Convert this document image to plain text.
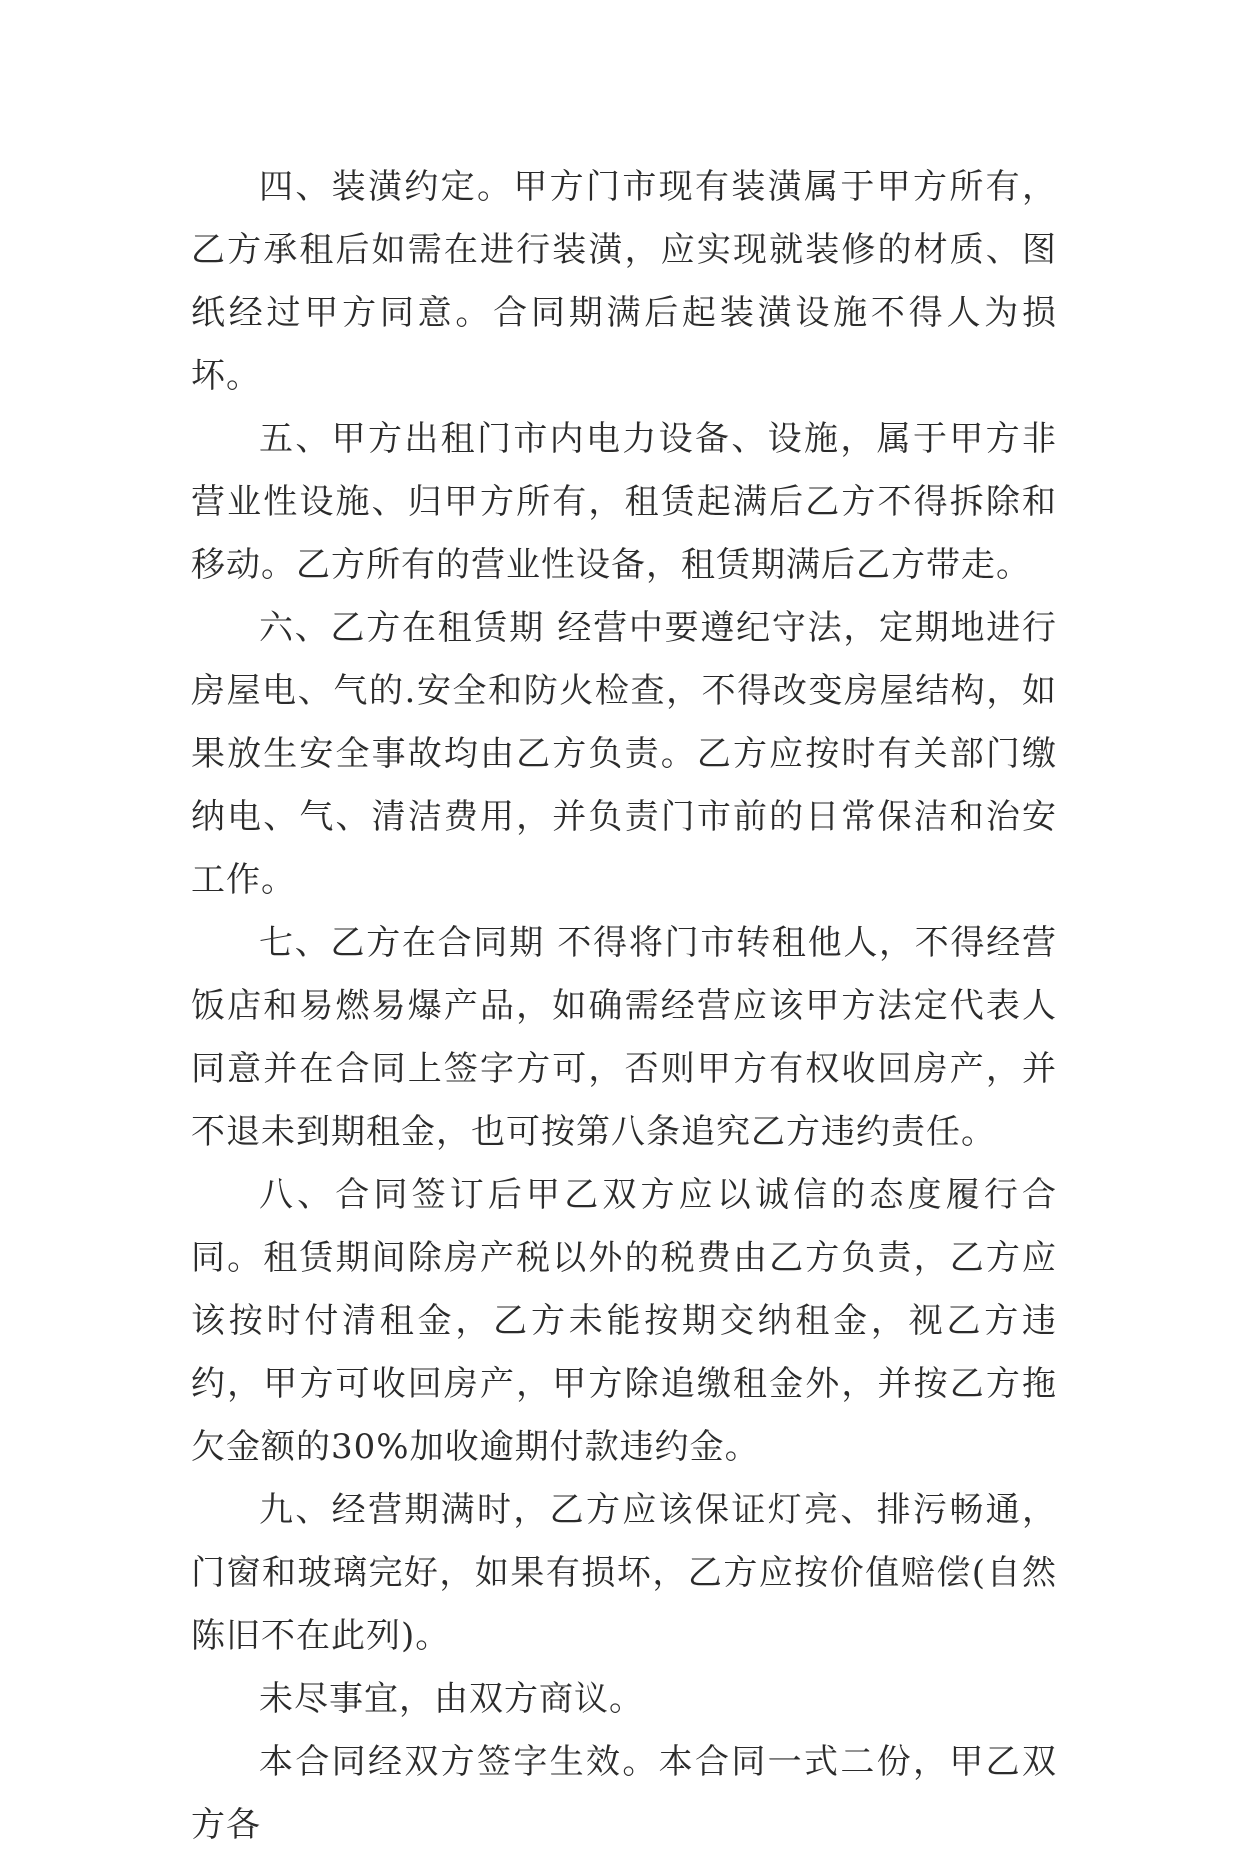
四、装潢约定。甲方门市现有装潢属于甲方所有，乙方承租后如需在进行装潢，应实现就装修的材质、图纸经过甲方同意。合同期满后起装潢设施不得人为损坏。

五、甲方出租门市内电力设备、设施，属于甲方非营业性设施、归甲方所有，租赁起满后乙方不得拆除和移动。乙方所有的营业性设备，租赁期满后乙方带走。

六、乙方在租赁期 经营中要遵纪守法，定期地进行房屋电、气的.安全和防火检查，不得改变房屋结构，如果放生安全事故均由乙方负责。乙方应按时有关部门缴纳电、气、清洁费用，并负责门市前的日常保洁和治安工作。

七、乙方在合同期 不得将门市转租他人，不得经营饭店和易燃易爆产品，如确需经营应该甲方法定代表人同意并在合同上签字方可，否则甲方有权收回房产，并不退未到期租金，也可按第八条追究乙方违约责任。

八、合同签订后甲乙双方应以诚信的态度履行合同。租赁期间除房产税以外的税费由乙方负责，乙方应该按时付清租金，乙方未能按期交纳租金，视乙方违约，甲方可收回房产，甲方除追缴租金外，并按乙方拖欠金额的30%加收逾期付款违约金。

九、经营期满时，乙方应该保证灯亮、排污畅通，门窗和玻璃完好，如果有损坏，乙方应按价值赔偿(自然陈旧不在此列)。

未尽事宜，由双方商议。

本合同经双方签字生效。本合同一式二份，甲乙双方各
